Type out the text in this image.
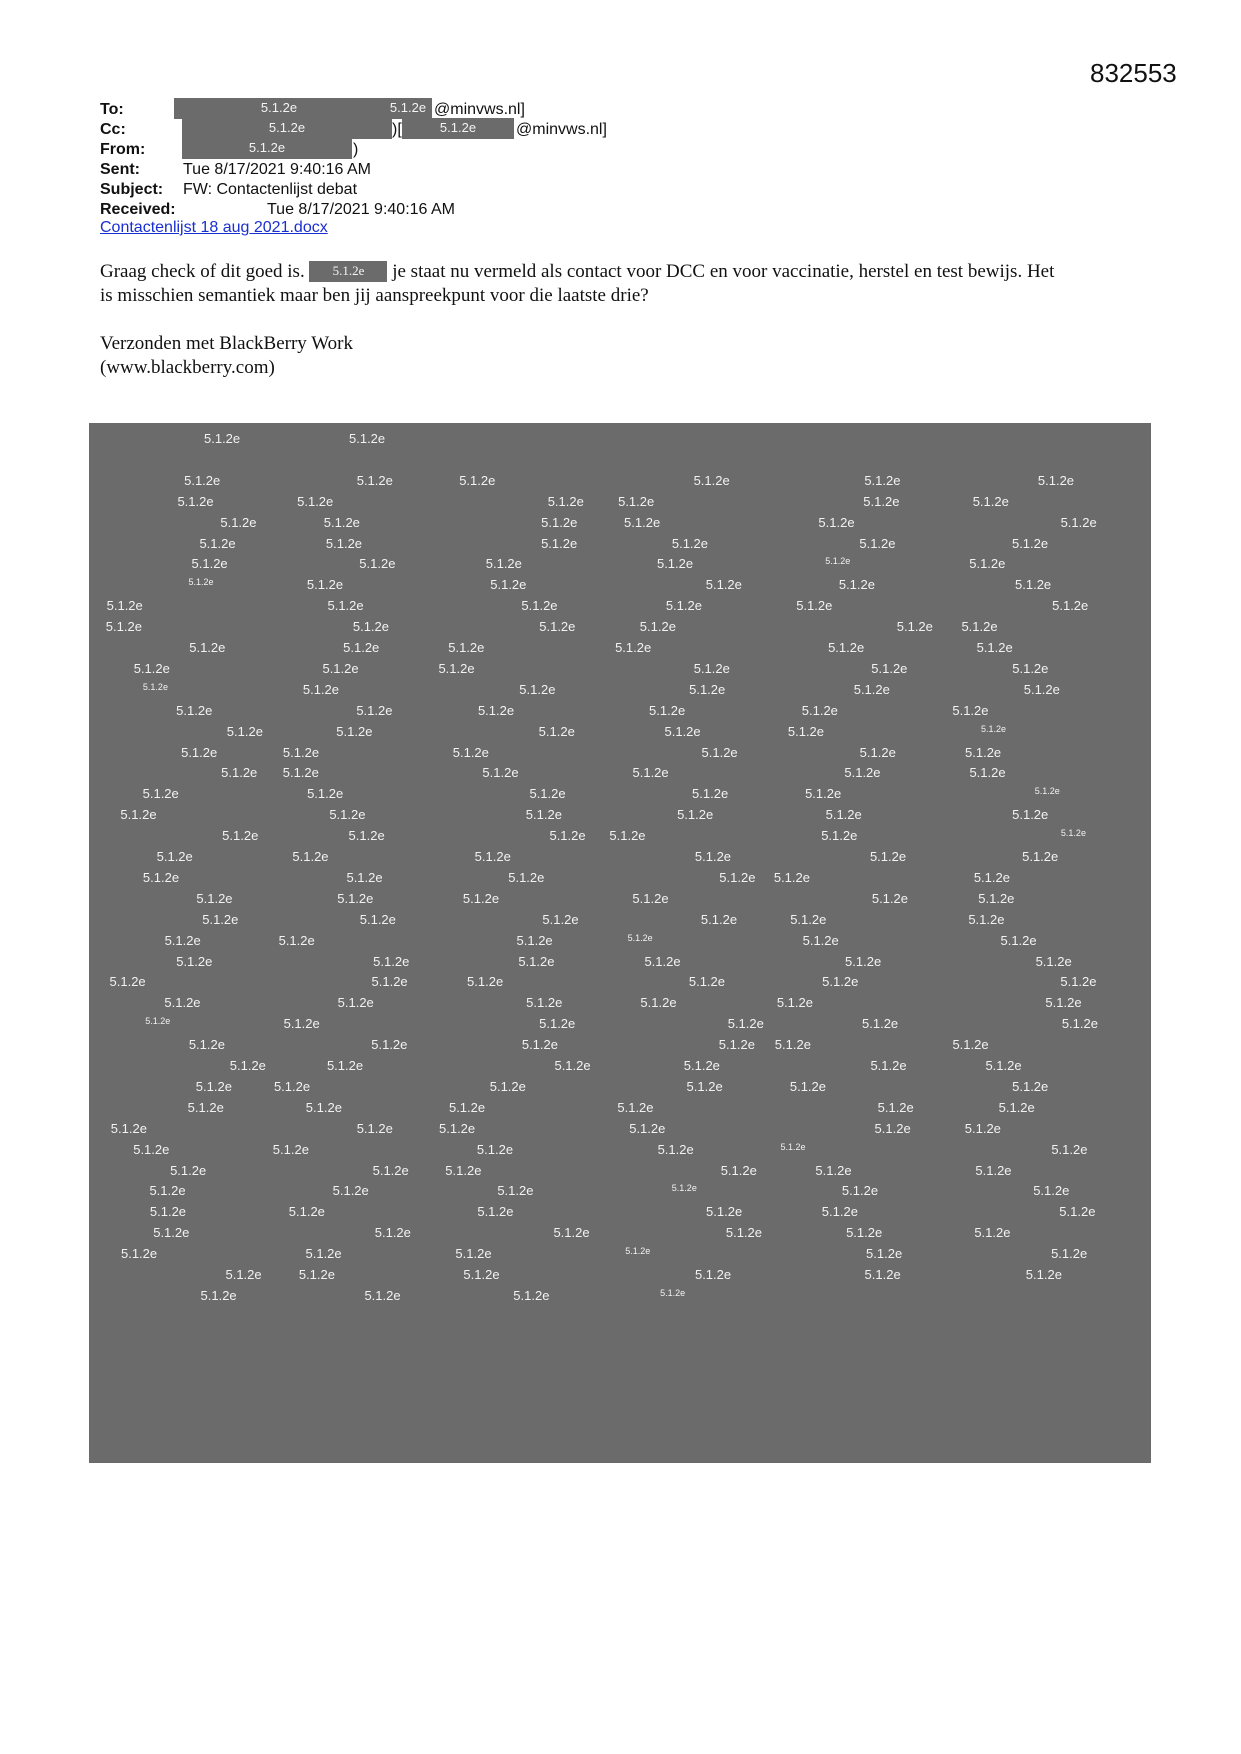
832553
To:	5.1.2e	5.1.2e @minvws.nl]
Cc:	5.1.2e	)[	5.1.2e	@minvws.nl]
From:	5.1.2e	)
Sent:	Tue 8/17/2021 9:40:16 AM
Subject: FW: Contactenlijst debat
Received:	Tue 8/17/2021 9:40:16 AM
Contactenlijst 18 aug 2021.docx
Graag check of dit goed is. 5.1.2e je staat nu vermeld als contact voor DCC en voor vaccinatie, herstel en test bewijs. Het
is misschien semantiek maar ben jij aanspreekpunt voor die laatste drie?
Verzonden met BlackBerry Work
(www.blackberry.com)
5.1.2e	5.1.2e
5.1.2e	5.1.2e	5.1.2e	5.1.2e	5.1.2e	5.1.2e
5.1.2e	5.1.2e	5.1.2e	5.1.2e	5.1.2e	5.1.2e
5.1.2e	5.1.2e	5.1.2e	5.1.2e	5.1.2e	5.1.2e
5.1.2e	5.1.2e	5.1.2e	5.1.2e	5.1.2e	5.1.2e
5.1.2e	5.1.2e	5.1.2e	5.1.2e	5.1.2e	5.1.2e
5.1.2e	5.1.2e	5.1.2e	5.1.2e	5.1.2e	5.1.2e
5.1.2e	5.1.2e	5.1.2e	5.1.2e	5.1.2e	5.1.2e
5.1.2e	5.1.2e	5.1.2e	5.1.2e	5.1.2e 5.1.2e
5.1.2e	5.1.2e	5.1.2e	5.1.2e	5.1.2e	5.1.2e
5.1.2e	5.1.2e	5.1.2e	5.1.2e	5.1.2e	5.1.2e
5.1.2e	5.1.2e	5.1.2e	5.1.2e	5.1.2e	5.1.2e
5.1.2e	5.1.2e	5.1.2e	5.1.2e	5.1.2e	5.1.2e
5.1.2e	5.1.2e	5.1.2e	5.1.2e	5.1.2e	5.1.2e
5.1.2e	5.1.2e	5.1.2e	5.1.2e	5.1.2e	5.1.2e
5.1.2e 5.1.2e	5.1.2e	5.1.2e	5.1.2e	5.1.2e
5.1.2e	5.1.2e	5.1.2e	5.1.2e	5.1.2e	5.1.2e
5.1.2e	5.1.2e	5.1.2e	5.1.2e	5.1.2e	5.1.2e
5.1.2e	5.1.2e	5.1.2e 5.1.2e	5.1.2e	5.1.2e
5.1.2e	5.1.2e	5.1.2e	5.1.2e	5.1.2e	5.1.2e
5.1.2e	5.1.2e	5.1.2e	5.1.2e 5.1.2e	5.1.2e
5.1.2e	5.1.2e	5.1.2e	5.1.2e	5.1.2e	5.1.2e
5.1.2e	5.1.2e	5.1.2e	5.1.2e	5.1.2e	5.1.2e
5.1.2e	5.1.2e	5.1.2e	5.1.2e	5.1.2e	5.1.2e
5.1.2e	5.1.2e	5.1.2e	5.1.2e	5.1.2e	5.1.2e
5.1.2e	5.1.2e	5.1.2e	5.1.2e	5.1.2e	5.1.2e
5.1.2e	5.1.2e	5.1.2e	5.1.2e	5.1.2e	5.1.2e
5.1.2e	5.1.2e	5.1.2e	5.1.2e	5.1.2e	5.1.2e
5.1.2e	5.1.2e	5.1.2e	5.1.2e 5.1.2e	5.1.2e
5.1.2e	5.1.2e	5.1.2e	5.1.2e	5.1.2e	5.1.2e
5.1.2e	5.1.2e	5.1.2e	5.1.2e	5.1.2e	5.1.2e
5.1.2e	5.1.2e	5.1.2e	5.1.2e	5.1.2e	5.1.2e
5.1.2e	5.1.2e	5.1.2e	5.1.2e	5.1.2e	5.1.2e
5.1.2e	5.1.2e	5.1.2e	5.1.2e	5.1.2e	5.1.2e
5.1.2e	5.1.2e	5.1.2e	5.1.2e	5.1.2e	5.1.2e
5.1.2e	5.1.2e	5.1.2e	5.1.2e	5.1.2e	5.1.2e
5.1.2e	5.1.2e	5.1.2e	5.1.2e	5.1.2e	5.1.2e
5.1.2e	5.1.2e	5.1.2e	5.1.2e	5.1.2e	5.1.2e
5.1.2e	5.1.2e	5.1.2e	5.1.2e	5.1.2e	5.1.2e
5.1.2e	5.1.2e	5.1.2e	5.1.2e	5.1.2e	5.1.2e
5.1.2e	5.1.2e	5.1.2e	5.1.2e
